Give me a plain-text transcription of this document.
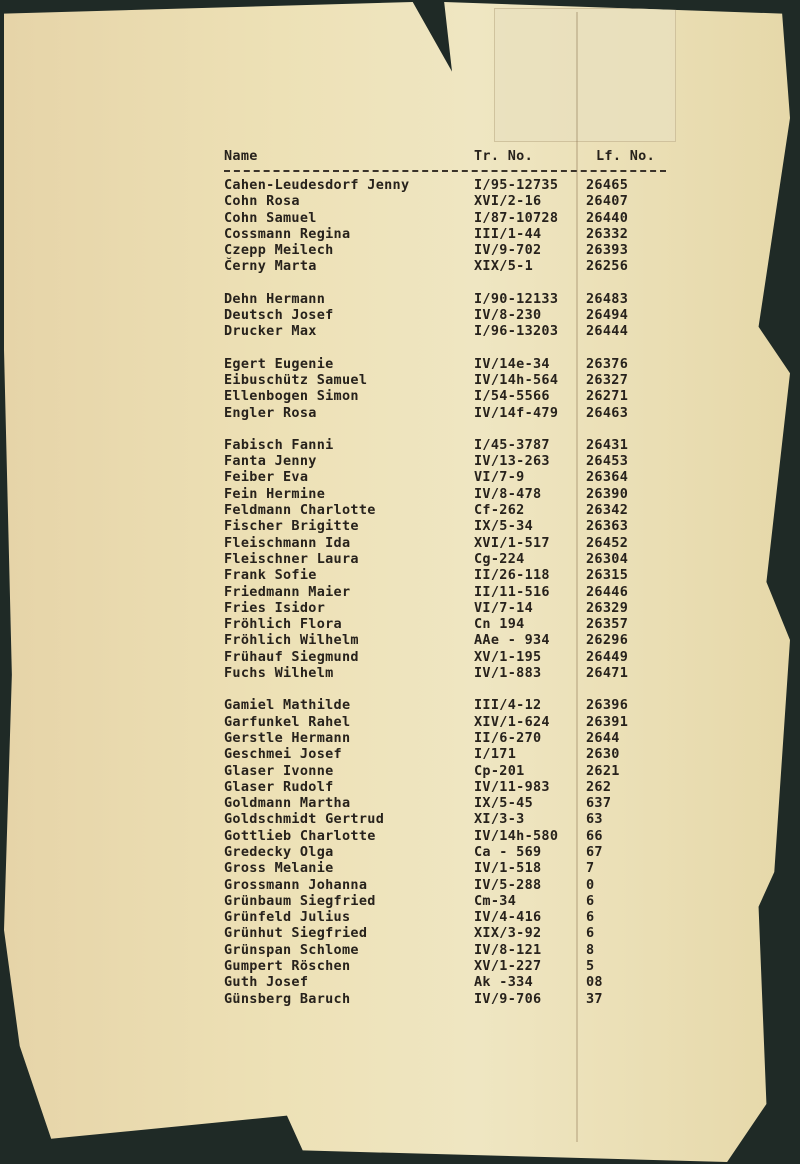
Name	Tr. No.	Lf. No.
Cahen-Leudesdorf Jenny	I/95-12735 26465
Cohn Rosa	XVI/2-16	26407
Cohn Samuel	I/87-10728 26440
Cossmann Regina	III/1-44	26332
Czepp Meilech	IV/9-702	26393
Černy Marta	XIX/5-1	26256
Dehn Hermann	I/90-12133 26483
Deutsch Josef	IV/8-230	26494
Drucker Max	I/96-13203 26444
Egert Eugenie	IV/14e-34	26376
Eibuschütz Samuel	IV/14h-564 26327
Ellenbogen Simon	I/54-5566	26271
Engler Rosa	IV/14f-479 26463
Fabisch Fanni	I/45-3787	26431
Fanta Jenny	IV/13-263	26453
Feiber Eva	VI/7-9	26364
Fein Hermine	IV/8-478	26390
Feldmann Charlotte	Cf-262	26342
Fischer Brigitte	IX/5-34	26363
Fleischmann Ida	XVI/1-517	26452
Fleischner Laura	Cg-224	26304
Frank Sofie	II/26-118	26315
Friedmann Maier	II/11-516	26446
Fries Isidor	VI/7-14	26329
Fröhlich Flora	Cn 194	26357
Fröhlich Wilhelm	AAe - 934	26296
Frühauf Siegmund	XV/1-195	26449
Fuchs Wilhelm	IV/1-883	26471
Gamiel Mathilde	III/4-12	26396
Garfunkel Rahel	XIV/1-624	26391
Gerstle Hermann	II/6-270	2644
Geschmei Josef	I/171	2630
Glaser Ivonne	Cp-201	2621
Glaser Rudolf	IV/11-983	262
Goldmann Martha	IX/5-45	637
Goldschmidt Gertrud	XI/3-3	63
Gottlieb Charlotte	IV/14h-580 66
Gredecky Olga	Ca - 569	67
Gross Melanie	IV/1-518	7
Grossmann Johanna	IV/5-288	0
Grünbaum Siegfried	Cm-34	6
Grünfeld Julius	IV/4-416	6
Grünhut Siegfried	XIX/3-92	6
Grünspan Schlome	IV/8-121	8
Gumpert Röschen	XV/1-227	5
Guth Josef	Ak -334	08
Günsberg Baruch	IV/9-706	37
